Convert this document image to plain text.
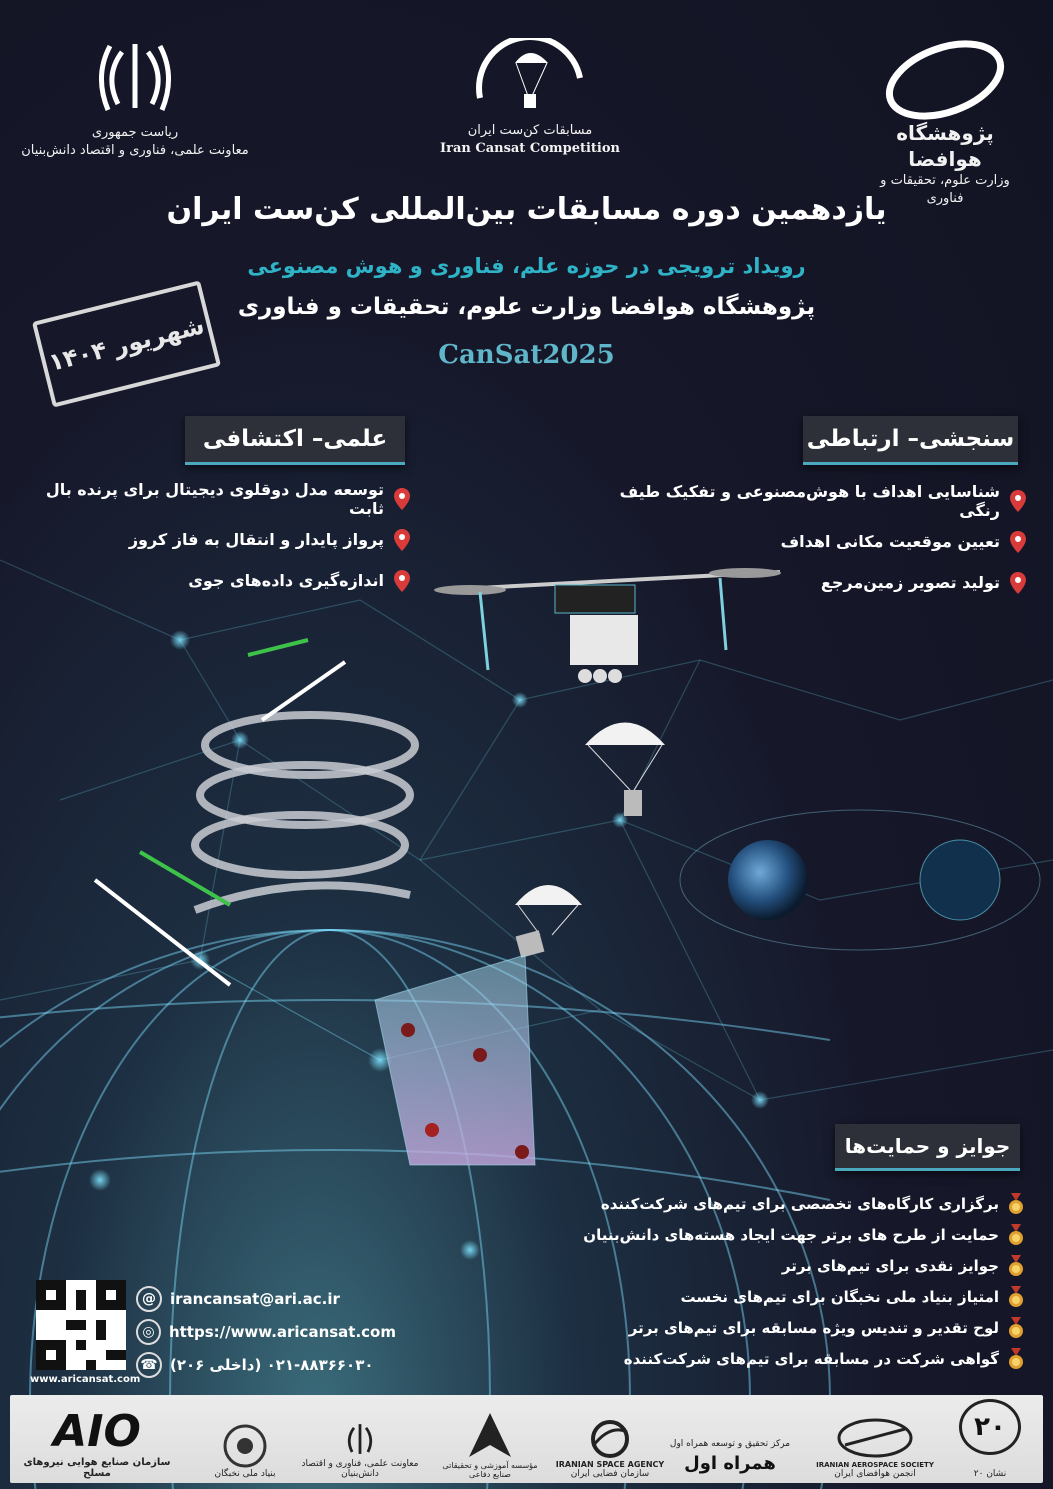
ریاست جمهوری
معاونت علمی، فناوری و اقتصاد دانش‌بنیان
مسابقات کن‌ست ایران
Iran Cansat Competition
پژوهشگاه هوافضا
وزارت علوم، تحقیقات و فناوری
یازدهمین دوره مسابقات بین‌المللی کن‌ست ایران
رویداد ترویجی در حوزه علم، فناوری و هوش مصنوعی
پژوهشگاه هوافضا وزارت علوم، تحقیقات و فناوری
CanSat2025
شهریور ۱۴۰۴
علمی– اکتشافی
توسعه مدل دوقلوی دیجیتال برای پرنده بال ثابت
پرواز پایدار و انتقال به فاز کروز
اندازه‌گیری داده‌های جوی
سنجشی– ارتباطی
شناسایی اهداف با هوش‌مصنوعی و تفکیک طیف رنگی
تعیین موقعیت مکانی اهداف
تولید تصویر زمین‌مرجع
جوایز و حمایت‌ها
برگزاری کارگاه‌های تخصصی برای تیم‌های شرکت‌کننده
حمایت از طرح های برتر جهت ایجاد هسته‌های دانش‌بنیان
جوایز نقدی برای تیم‌های برتر
امتیاز بنیاد ملی نخبگان برای تیم‌های نخست
لوح تقدیر و تندیس ویژه مسابقه برای تیم‌های برتر
گواهی شرکت در مسابقه برای تیم‌های شرکت‌کننده
www.aricansat.com
@ irancansat@ari.ac.ir
◎ https://www.aricansat.com
☎ ۰۲۱-۸۸۳۶۶۰۳۰ (داخلی ۲۰۶)
AIO
سازمان صنایع هوایی نیروهای مسلح	بنیاد ملی نخبگان
معاونت علمی، فناوری و اقتصاد دانش‌بنیان
مؤسسه آموزشی و تحقیقاتی صنایع دفاعی
IRANIAN SPACE AGENCY
سازمان فضایی ایران
مرکز تحقیق و توسعه همراه اول
همراه اول	IRANIAN AEROSPACE SOCIETY
انجمن هوافضای ایران
۲۰
نشان ۲۰
